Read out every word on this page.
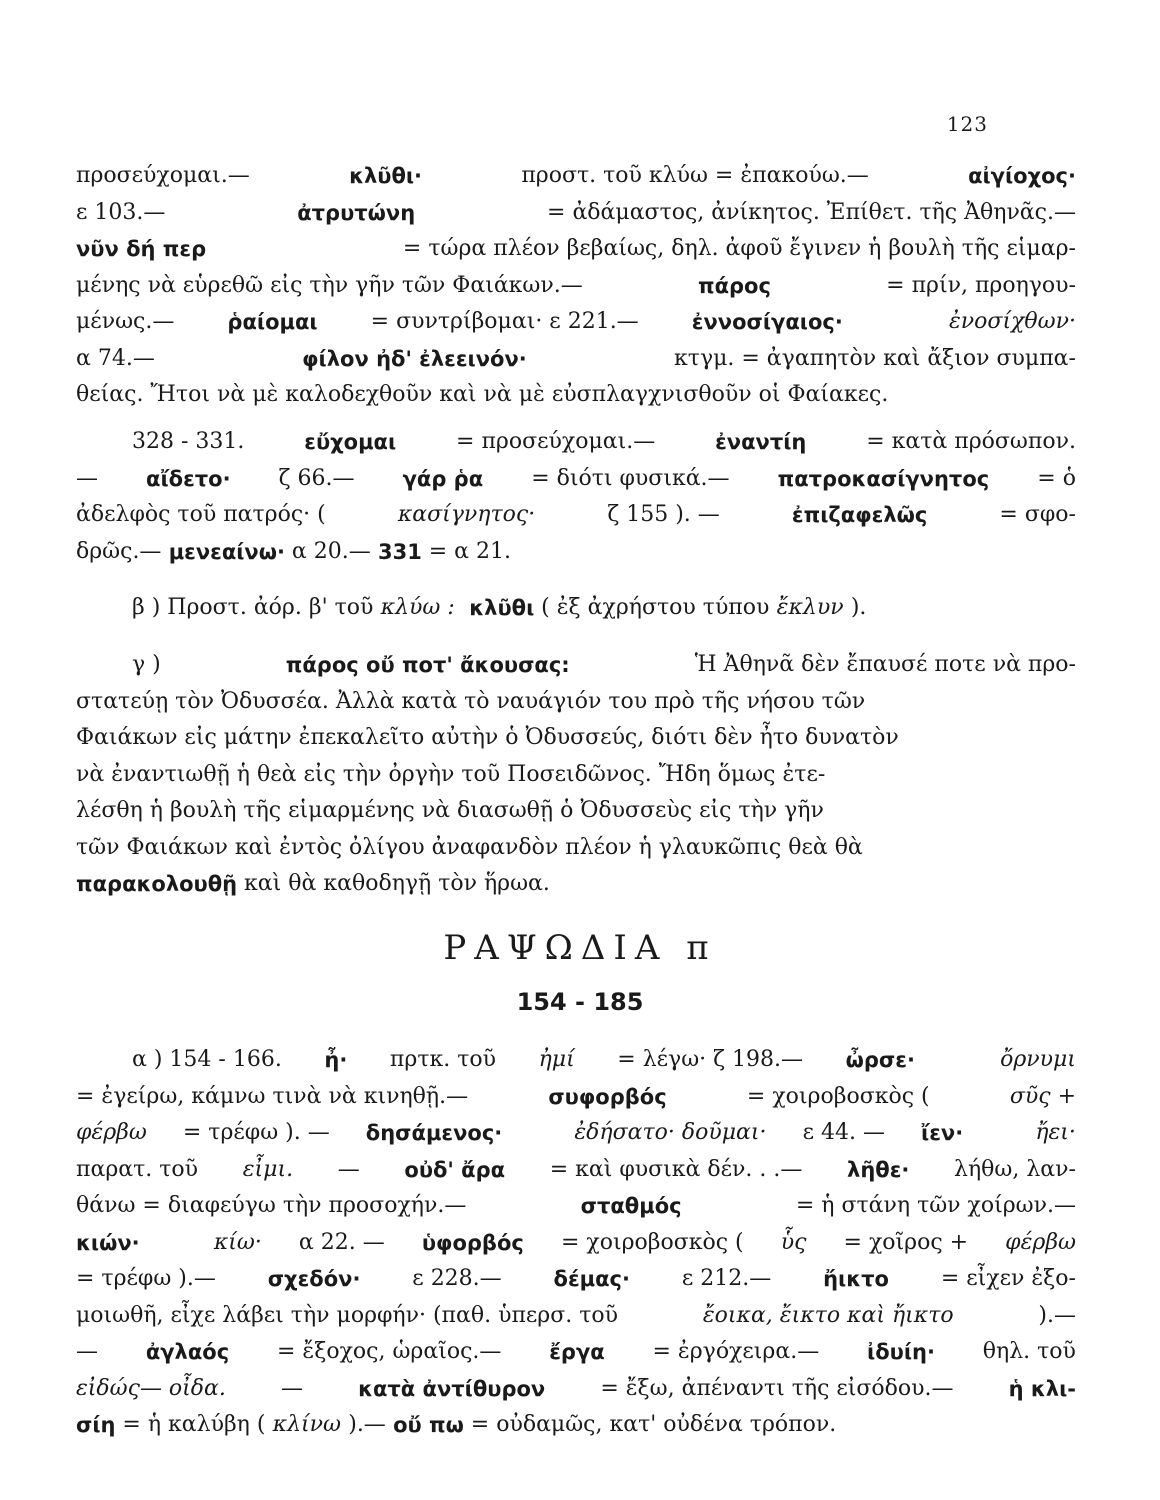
123
προσεύχομαι.—	κλῦθι·	προστ. τοῦ κλύω = ἐπακούω.—	αἰγίοχος·
ε 103.—	ἀτρυτώνη	= ἀδάμαστος, ἀνίκητος. Ἐπίθετ. τῆς Ἀθηνᾶς.—
νῦν δή περ	= τώρα πλέον βεβαίως, δηλ. ἀφοῦ ἔγινεν ἡ βουλὴ τῆς εἱμαρ-
μένης νὰ εὑρεθῶ εἰς τὴν γῆν τῶν Φαιάκων.—	πάρος	= πρίν, προηγου-
μένως.—	ῥαίομαι = συντρίβομαι· ε 221.—	ἐννοσίγαιος·	ἐνοσίχθων·
α 74.—	φίλον ἠδ' ἐλεεινόν·	κτγμ. = ἀγαπητὸν καὶ ἄξιον συμπα-
θείας. Ἤτοι νὰ μὲ καλοδεχθοῦν καὶ νὰ μὲ εὐσπλαγχνισθοῦν οἱ Φαίακες.
328 - 331.	εὔχομαι	= προσεύχομαι.—	ἐναντίη	= κατὰ πρόσωπον.
— αἴδετο· ζ 66.— γάρ ῥα = διότι φυσικά.— πατροκασίγνητος = ὁ
ἀδελφὸς τοῦ πατρός· (	κασίγνητος·	ζ 155 ). —	ἐπιζαφελῶς	= σφο-
δρῶς.— μενεαίνω· α 20.— 331 = α 21.
β ) Προστ. ἀόρ. β' τοῦ κλύω : κλῦθι ( ἐξ ἀχρήστου τύπου ἔκλυν ).
γ )	πάρος οὔ ποτ' ἄκουσας:	Ἡ Ἀθηνᾶ δὲν ἔπαυσέ ποτε νὰ προ-
στατεύῃ τὸν Ὀδυσσέα. Ἀλλὰ κατὰ τὸ ναυάγιόν του πρὸ τῆς νήσου τῶν
Φαιάκων εἰς μάτην ἐπεκαλεῖτο αὐτὴν ὁ Ὀδυσσεύς, διότι δὲν ἦτο δυνατὸν
νὰ ἐναντιωθῇ ἡ θεὰ εἰς τὴν ὀργὴν τοῦ Ποσειδῶνος. Ἤδη ὅμως ἐτε-
λέσθη ἡ βουλὴ τῆς εἱμαρμένης νὰ διασωθῇ ὁ Ὀδυσσεὺς εἰς τὴν γῆν
τῶν Φαιάκων καὶ ἐντὸς ὀλίγου ἀναφανδὸν πλέον ἡ γλαυκῶπις θεὰ θὰ
παρακολουθῇ καὶ θὰ καθοδηγῇ τὸν ἥρωα.
ΡΑΨΩΔΙΑ π
154 - 185
α ) 154 - 166. ἦ· πρτκ. τοῦ ἠμί = λέγω· ζ 198.— ὦρσε·	ὄρνυμι
= ἐγείρω, κάμνω τινὰ νὰ κινηθῇ.—	συφορβός	= χοιροβοσκὸς (	σῦς +
φέρβω = τρέφω ). — δησάμενος·	ἐδήσατο· δοῦμαι· ε 44. — ἴεν·	ἤει·
παρατ. τοῦ εἶμι. — οὐδ' ἄρα = καὶ φυσικὰ δέν. . .— λῆθε· λήθω, λαν-
θάνω = διαφεύγω τὴν προσοχήν.—	σταθμός	= ἡ στάνη τῶν χοίρων.—
κιών·	κίω· α 22. — ὑφορβός = χοιροβοσκὸς ( ὗς = χοῖρος + φέρβω
= τρέφω ).— σχεδόν· ε 228.— δέμας· ε 212.— ἤικτο = εἶχεν ἐξο-
μοιωθῆ, εἶχε λάβει τὴν μορφήν· (παθ. ὑπερσ. τοῦ	ἔοικα, ἔικτο καὶ ἤικτο	).—
— ἀγλαός = ἔξοχος, ὡραῖος.— ἔργα = ἐργόχειρα.— ἰδυίη· θηλ. τοῦ
εἰδώς— οἶδα.	—	κατὰ ἀντίθυρον	= ἔξω, ἀπέναντι τῆς εἰσόδου.—	ἡ κλι-
σίη = ἡ καλύβη ( κλίνω ).— οὔ πω = οὐδαμῶς, κατ' οὐδένα τρόπον.
